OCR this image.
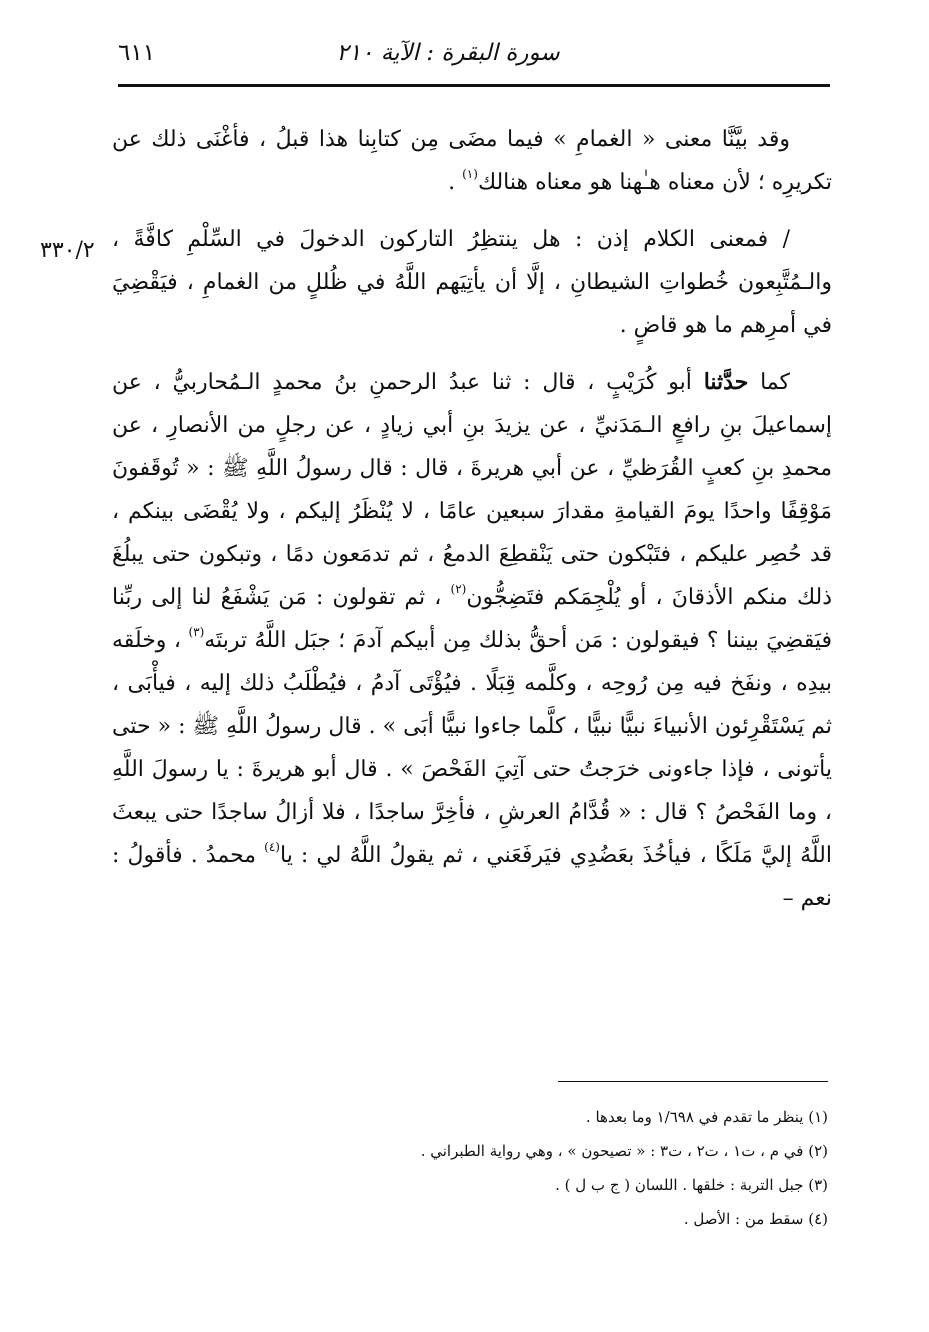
سورة البقرة : الآية ٢١٠
٦١١
٣٣٠/٢

وقد بيَّنَّا معنى « الغمامِ » فيما مضَى مِن كتابِنا هذا قبلُ ، فأغْنَى ذلك عن تكريرِه ؛ لأن معناه هـٰهنا هو معناه هنالك$^{(١)}$ .

/ فمعنى الكلام إذن : هل ينتظِرُ التاركون الدخولَ في السِّلْمِ كافَّةً ، والـمُتَّبِعون خُطواتِ الشيطانِ ، إلَّا أن يأتِيَهم اللَّهُ في ظُللٍ من الغمامِ ، فيَقْضِيَ في أمرِهم ما هو قاضٍ .

كما حدَّثنا أبو كُرَيْبٍ ، قال : ثنا عبدُ الرحمنِ بنُ محمدٍ الـمُحاربيُّ ، عن إسماعيلَ بنِ رافعٍ الـمَدَنيِّ ، عن يزيدَ بنِ أبي زيادٍ ، عن رجلٍ من الأنصارِ ، عن محمدِ بنِ كعبٍ القُرَظيِّ ، عن أبي هريرةَ ، قال : قال رسولُ اللَّهِ ﷺ : « تُوقَفونَ مَوْقِفًا واحدًا يومَ القيامةِ مقدارَ سبعين عامًا ، لا يُنْظَرُ إليكم ، ولا يُقْضَى بينكم ، قد حُصِر عليكم ، فتَبْكون حتى يَنْقطِعَ الدمعُ ، ثم تدمَعون دمًا ، وتبكون حتى يبلُغَ ذلك منكم الأذقانَ ، أو يُلْجِمَكم فتَضِجُّون$^{(٢)}$ ، ثم تقولون : مَن يَشْفَعُ لنا إلى ربِّنا فيَقضِيَ بيننا ؟ فيقولون : مَن أحقُّ بذلك مِن أبيكم آدمَ ؛ جبَل اللَّهُ تربتَه$^{(٣)}$ ، وخلَقه بيدِه ، ونفَخ فيه مِن رُوحِه ، وكلَّمه قِبَلًا . فيُؤْتَى آدمُ ، فيُطْلَبُ ذلك إليه ، فيأْبَى ، ثم يَسْتَقْرِئون الأنبياءَ نبيًّا نبيًّا ، كلَّما جاءوا نبيًّا أبَى » . قال رسولُ اللَّهِ ﷺ : « حتى يأتونى ، فإذا جاءونى خرَجتُ حتى آتِيَ الفَحْصَ » . قال أبو هريرةَ : يا رسولَ اللَّهِ ، وما الفَحْصُ ؟ قال : « قُدَّامُ العرشِ ، فأخِرَّ ساجدًا ، فلا أزالُ ساجدًا حتى يبعثَ اللَّهُ إليَّ مَلَكًا ، فيأخُذَ بعَضُدِي فيَرفَعَني ، ثم يقولُ اللَّهُ لي : يا$^{(٤)}$ محمدُ . فأقولُ : نعم –

(١) ينظر ما تقدم في ١/٦٩٨ وما بعدها .

(٢) في م ، ت١ ، ت٢ ، ت٣ : « تصيحون » ، وهي رواية الطبراني .

(٣) جبل التربة : خلقها . اللسان ( ج ب ل ) .

(٤) سقط من : الأصل .
